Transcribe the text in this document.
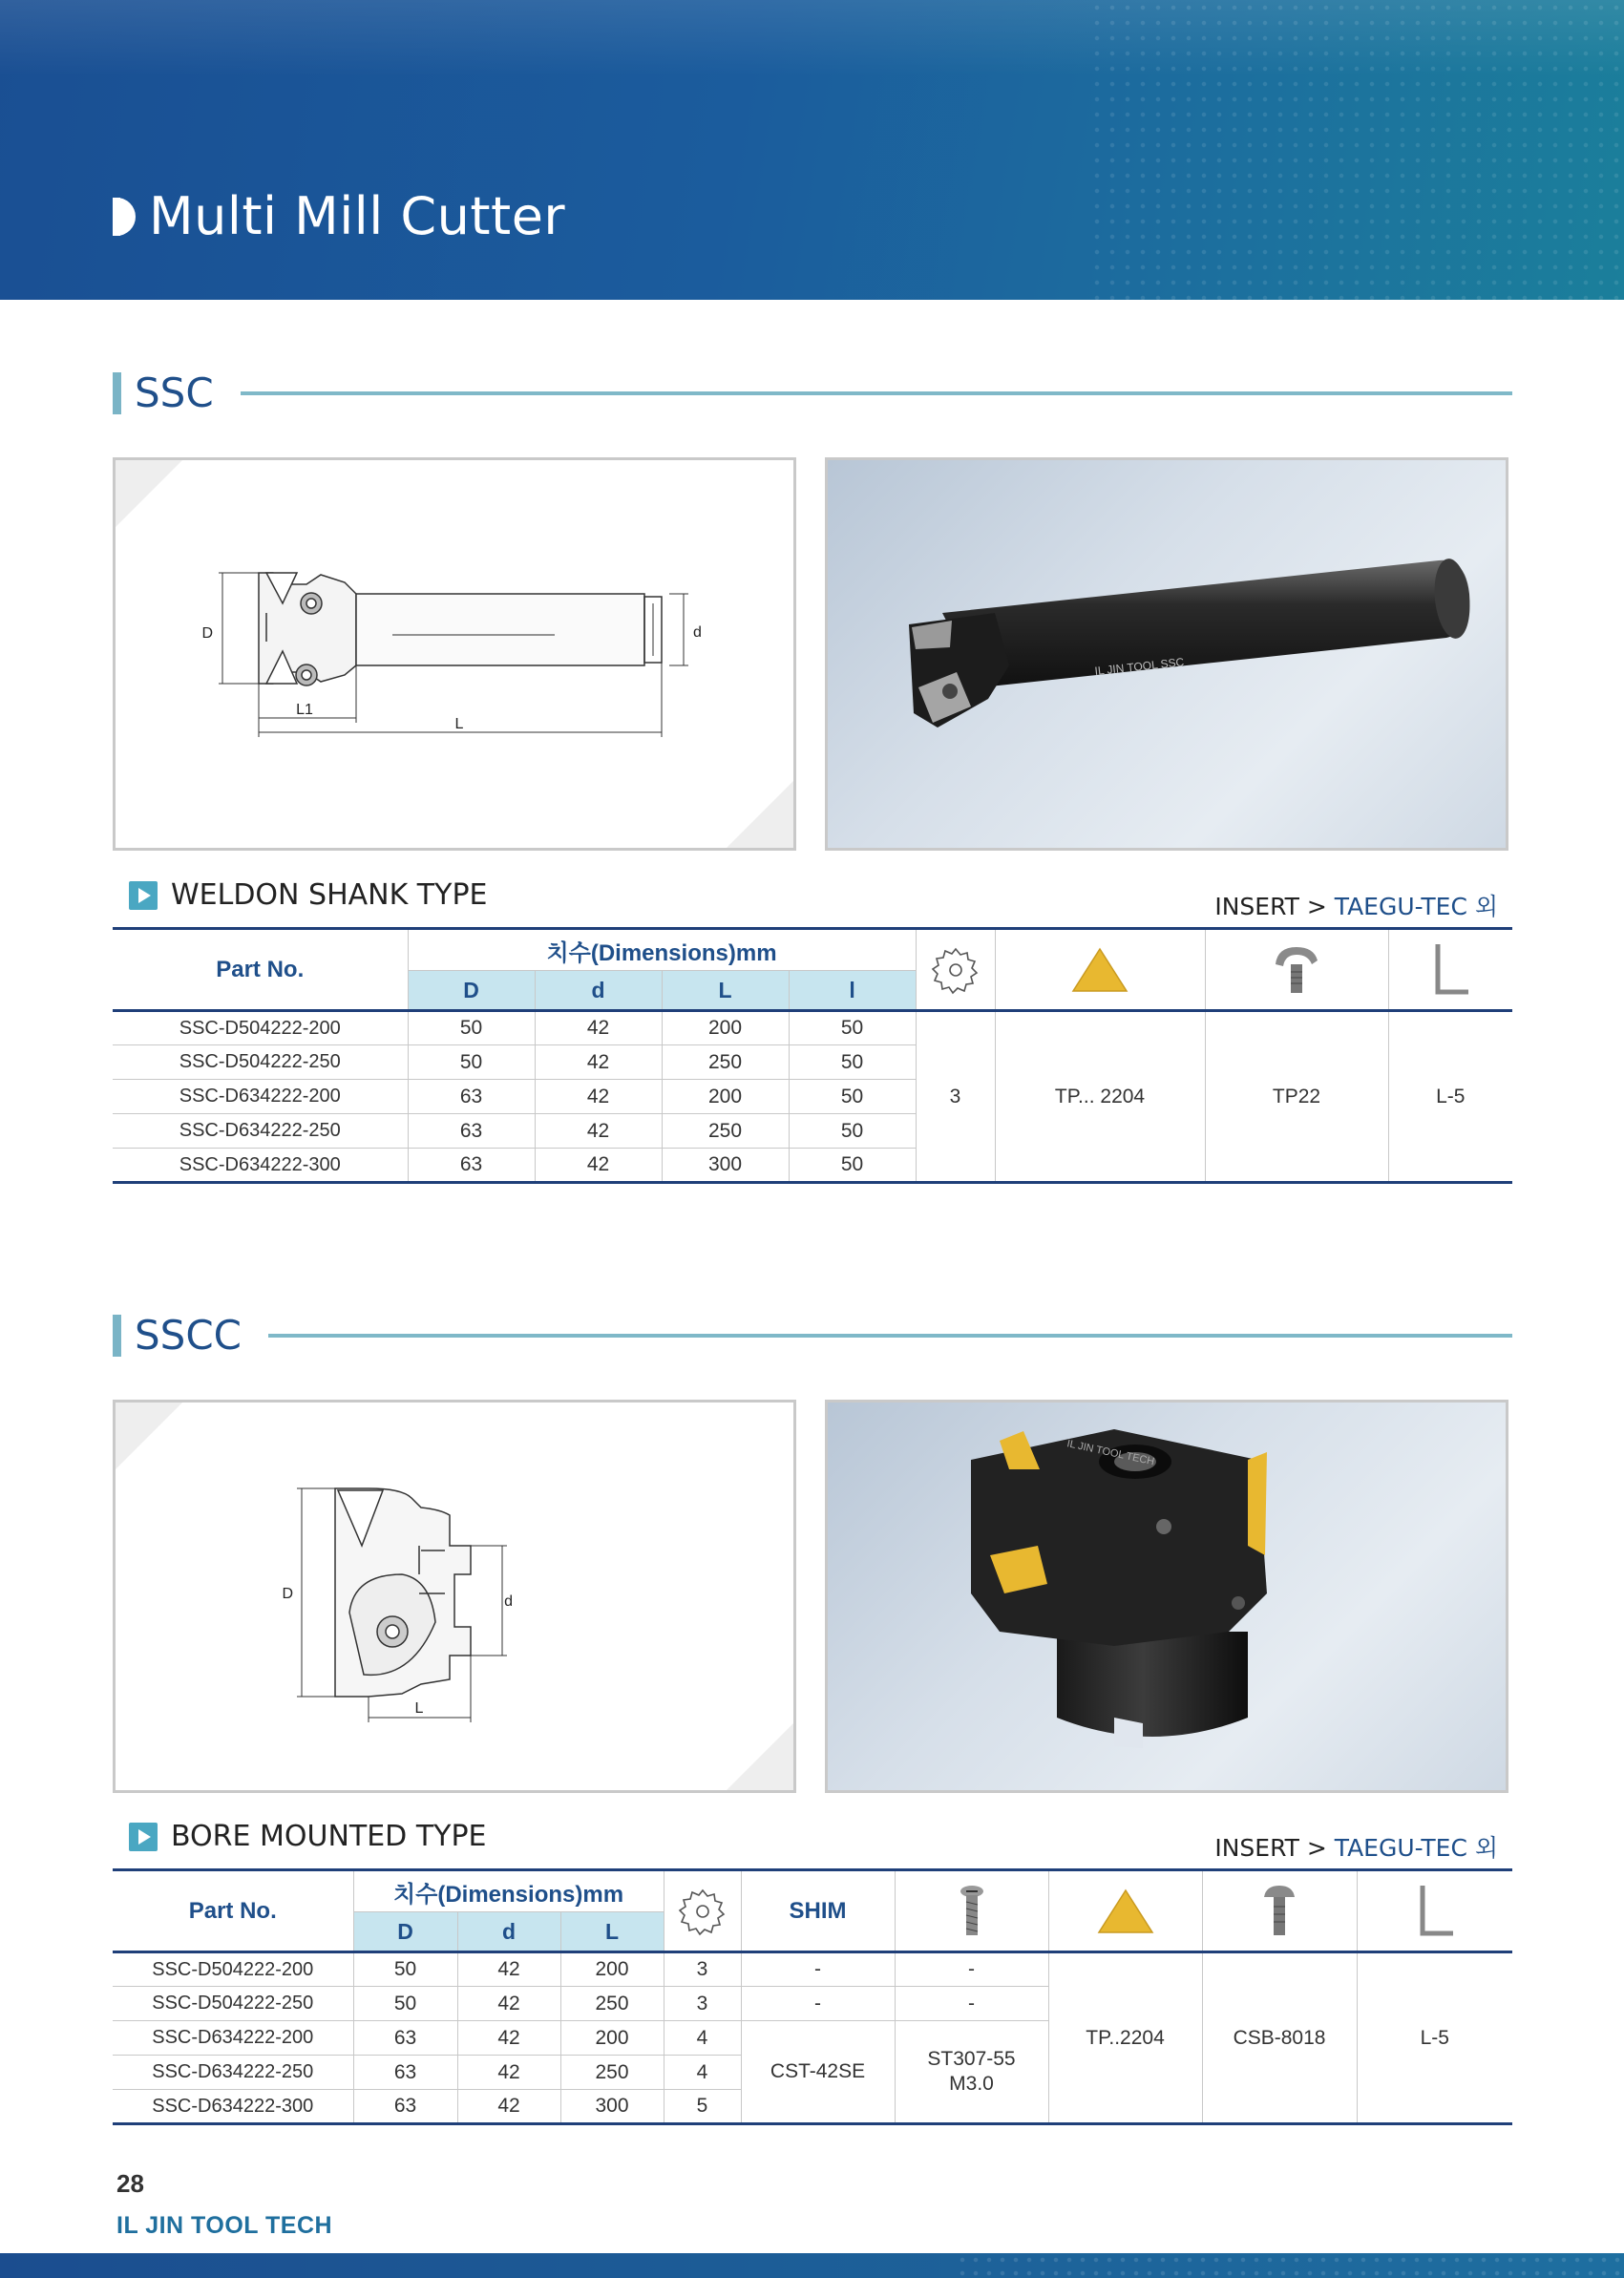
Multi Mill Cutter
SSC
D	d
L1
L
IL JIN TOOL SSC
WELDON SHANK TYPE	INSERT > TAEGU-TEC 외
Part No.	치수(Dimensions)mm				
	D	d	L	l				
SSC-D504222-200	50	42	200	50	3	TP... 2204	TP22	L-5
SSC-D504222-250	50	42	250	50				
SSC-D634222-200	63	42	200	50				
SSC-D634222-250	63	42	250	50				
SSC-D634222-300	63	42	300	50				
SSCC
D	d
L
IL JIN TOOL TECH
BORE MOUNTED TYPE	INSERT > TAEGU-TEC 외
Part No.	치수(Dimensions)mm				SHIM				
	D	d	L						
SSC-D504222-200	50	42	200	3	-	-	TP..2204	CSB-8018	L-5
SSC-D504222-250	50	42	250	3	-	-			
SSC-D634222-200	63	42	200	4	CST-42SE	ST307-55
M3.0			

SSC-D634222-250	63	42	250	4					
SSC-D634222-300	63	42	300	5					
28
IL JIN TOOL TECH
